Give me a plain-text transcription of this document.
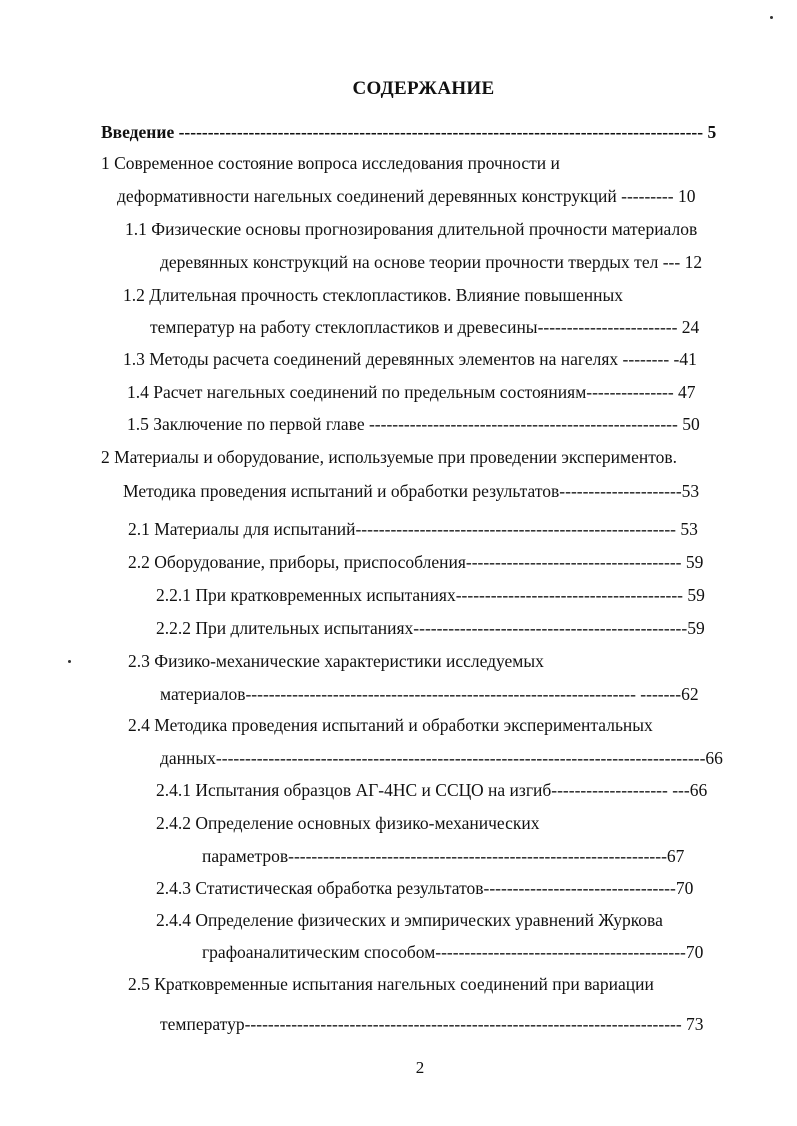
СОДЕРЖАНИЕ
Введение ------------------------------------------------------------------------------------------ 5
1 Современное состояние вопроса исследования прочности и
деформативности нагельных соединений деревянных конструкций --------- 10
1.1 Физические основы прогнозирования длительной прочности материалов
деревянных конструкций на основе теории прочности твердых тел --- 12
1.2 Длительная прочность стеклопластиков. Влияние повышенных
температур на работу стеклопластиков и древесины------------------------ 24
1.3 Методы расчета соединений деревянных элементов на нагелях -------- -41
1.4 Расчет нагельных соединений по предельным состояниям--------------- 47
1.5 Заключение по первой главе ----------------------------------------------------- 50
2 Материалы и оборудование, используемые при проведении экспериментов.
Методика проведения испытаний и обработки результатов---------------------53
2.1 Материалы для испытаний------------------------------------------------------- 53
2.2 Оборудование, приборы, приспособления------------------------------------- 59
2.2.1 При кратковременных испытаниях--------------------------------------- 59
2.2.2 При длительных испытаниях-----------------------------------------------59
2.3 Физико-механические характеристики исследуемых
материалов------------------------------------------------------------------- -------62
2.4 Методика проведения испытаний и обработки экспериментальных
данных------------------------------------------------------------------------------------66
2.4.1 Испытания образцов АГ-4НС и ССЦО на изгиб-------------------- ---66
2.4.2 Определение основных физико-механических
параметров-----------------------------------------------------------------67
2.4.3 Статистическая обработка результатов---------------------------------70
2.4.4 Определение физических и эмпирических уравнений Журкова
графоаналитическим способом-------------------------------------------70
2.5 Кратковременные испытания нагельных соединений при вариации
температур--------------------------------------------------------------------------- 73
2
